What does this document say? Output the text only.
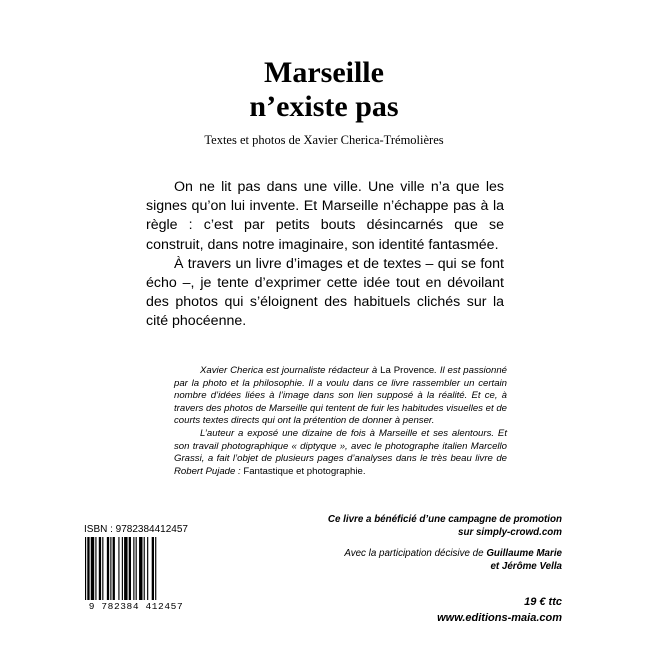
Marseille
n’existe pas
Textes et photos de Xavier Cherica-Trémolières

On ne lit pas dans une ville. Une ville n’a que les signes qu’on lui invente. Et Marseille n’échappe pas à la règle : c’est par petits bouts désincarnés que se construit, dans notre imaginaire, son identité fantasmée.

À travers un livre d’images et de textes – qui se font écho –, je tente d’exprimer cette idée tout en dévoilant des photos qui s’éloignent des habituels clichés sur la cité phocéenne.

Xavier Cherica est journaliste rédacteur à La Provence. Il est passionné par la photo et la philosophie. Il a voulu dans ce livre rassembler un certain nombre d’idées liées à l’image dans son lien supposé à la réalité. Et ce, à travers des photos de Marseille qui tentent de fuir les habitudes visuelles et de courts textes directs qui ont la prétention de donner à penser.

L’auteur a exposé une dizaine de fois à Marseille et ses alentours. Et son travail photographique « diptyque », avec le photographe italien Marcello Grassi, a fait l’objet de plusieurs pages d’analyses dans le très beau livre de Robert Pujade : Fantastique et photographie.

ISBN : 9782384412457
9 782384 412457
Ce livre a bénéficié d’une campagne de promotion
sur simply-crowd.com
Avec la participation décisive de Guillaume Marie
et Jérôme Vella
19 € ttc
www.editions-maia.com
